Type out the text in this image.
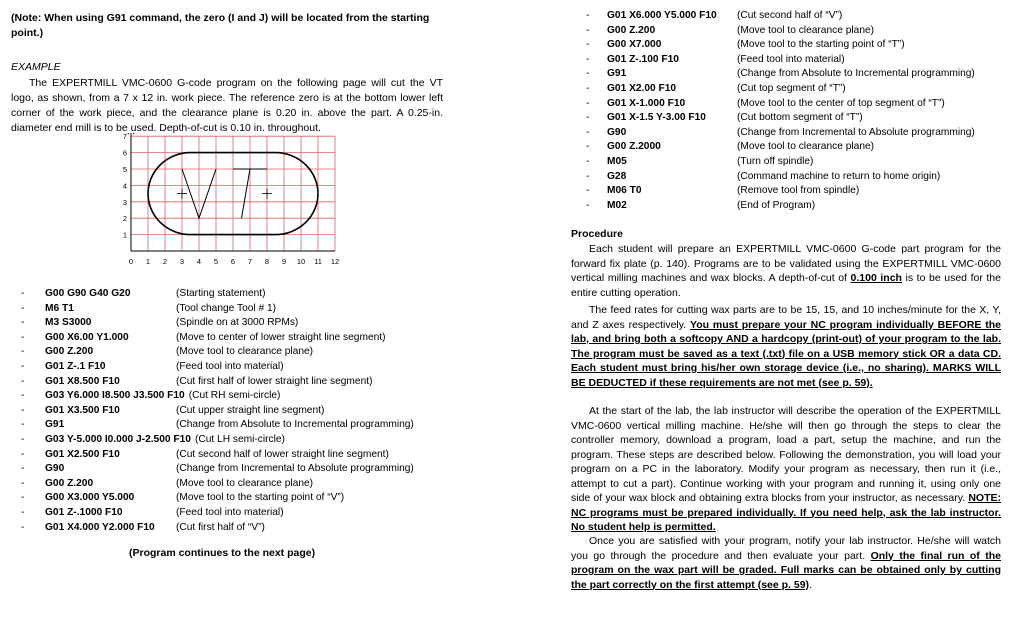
(Note: When using G91 command, the zero (I and J) will be located from the starting point.)
EXAMPLE

The EXPERTMILL VMC-0600 G-code program on the following page will cut the VT logo, as shown, from a 7 x 12 in. work piece. The reference zero is at the bottom lower left corner of the work piece, and the clearance plane is 0.20 in. above the part. A 0.25-in. diameter end mill is to be used. Depth-of-cut is 0.10 in. throughout.

0 1 2 3 4 5 6 7 8 9 10 11 12
1
2
3
4
5
6
7
- G00 G90 G40 G20	(Starting statement)
- M6 T1	(Tool change Tool # 1)
- M3 S3000	(Spindle on at 3000 RPMs)
- G00 X6.00 Y1.000	(Move to center of lower straight line segment)
- G00 Z.200	(Move tool to clearance plane)
- G01 Z-.1 F10	(Feed tool into material)
- G01 X8.500 F10	(Cut first half of lower straight line segment)
- G03 Y6.000 I8.500 J3.500 F10 (Cut RH semi-circle)
- G01 X3.500 F10	(Cut upper straight line segment)
- G91	(Change from Absolute to Incremental programming)
- G03 Y-5.000 I0.000 J-2.500 F10 (Cut LH semi-circle)
- G01 X2.500 F10	(Cut second half of lower straight line segment)
- G90	(Change from Incremental to Absolute programming)
- G00 Z.200	(Move tool to clearance plane)
- G00 X3.000 Y5.000	(Move tool to the starting point of “V”)
- G01 Z-.1000 F10	(Feed tool into material)
- G01 X4.000 Y2.000 F10 (Cut first half of “V”)
(Program continues to the next page)
- G01 X6.000 Y5.000 F10 (Cut second half of “V”)
- G00 Z.200	(Move tool to clearance plane)
- G00 X7.000	(Move tool to the starting point of “T”)
- G01 Z-.100 F10	(Feed tool into material)
- G91	(Change from Absolute to Incremental programming)
- G01 X2.00 F10	(Cut top segment of “T”)
- G01 X-1.000 F10	(Move tool to the center of top segment of “T”)
- G01 X-1.5 Y-3.00 F10	(Cut bottom segment of “T”)
- G90	(Change from Incremental to Absolute programming)
- G00 Z.2000	(Move tool to clearance plane)
- M05	(Turn off spindle)
- G28	(Command machine to return to home origin)
- M06 T0	(Remove tool from spindle)
- M02	(End of Program)
Procedure

Each student will prepare an EXPERTMILL VMC-0600 G-code part program for the forward fix plate (p. 140). Programs are to be validated using the EXPERTMILL VMC-0600 vertical milling machines and wax blocks. A depth-of-cut of 0.100 inch is to be used for the entire cutting operation.

The feed rates for cutting wax parts are to be 15, 15, and 10 inches/minute for the X, Y, and Z axes respectively. You must prepare your NC program individually BEFORE the lab, and bring both a softcopy AND a hardcopy (print-out) of your program to the lab. The program must be saved as a text (.txt) file on a USB memory stick OR a data CD. Each student must bring his/her own storage device (i.e., no sharing). MARKS WILL BE DEDUCTED if these requirements are not met (see p. 59).

At the start of the lab, the lab instructor will describe the operation of the EXPERTMILL VMC-0600 vertical milling machine. He/she will then go through the steps to clear the controller memory, download a program, load a part, setup the machine, and run the program. These steps are described below. Following the demonstration, you will load your program on a PC in the laboratory. Modify your program as necessary, then run it (i.e., attempt to cut a part). Continue working with your program and running it, using only one side of your wax block and obtaining extra blocks from your instructor, as necessary. NOTE: NC programs must be prepared individually. If you need help, ask the lab instructor. No student help is permitted.

Once you are satisfied with your program, notify your lab instructor. He/she will watch you go through the procedure and then evaluate your part. Only the final run of the program on the wax part will be graded. Full marks can be obtained only by cutting the part correctly on the first attempt (see p. 59).
